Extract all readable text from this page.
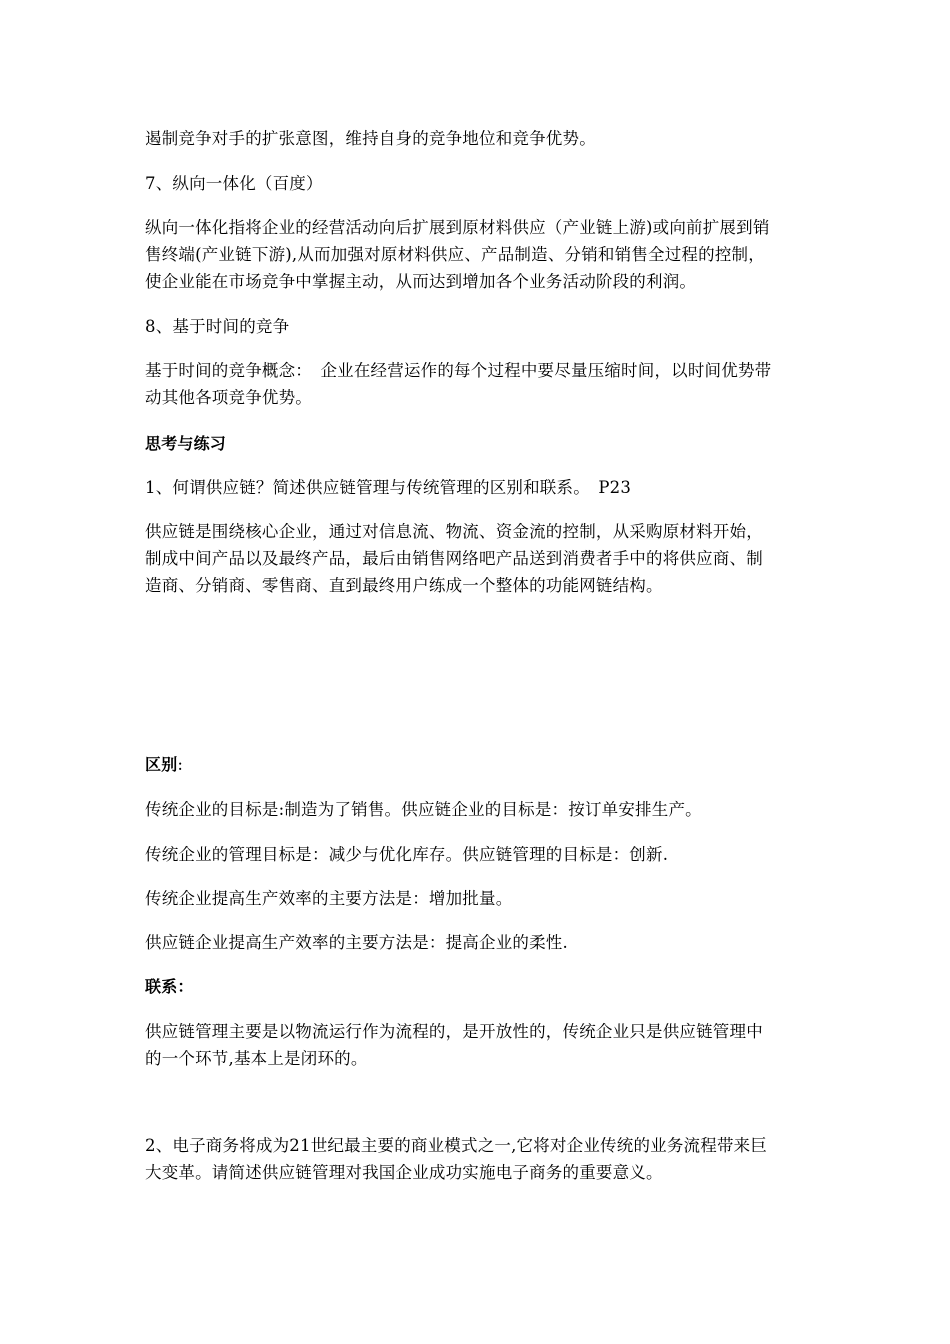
遏制竞争对手的扩张意图，维持自身的竞争地位和竞争优势。

7、纵向一体化（百度）

纵向一体化指将企业的经营活动向后扩展到原材料供应（产业链上游)或向前扩展到销
售终端(产业链下游),从而加强对原材料供应、产品制造、分销和销售全过程的控制，
使企业能在市场竞争中掌握主动，从而达到增加各个业务活动阶段的利润。

8、基于时间的竞争

基于时间的竞争概念：　企业在经营运作的每个过程中要尽量压缩时间，以时间优势带
动其他各项竞争优势。

思考与练习

1、何谓供应链？简述供应链管理与传统管理的区别和联系。　P23

供应链是围绕核心企业，通过对信息流、物流、资金流的控制，从采购原材料开始，
制成中间产品以及最终产品，最后由销售网络吧产品送到消费者手中的将供应商、制
造商、分销商、零售商、直到最终用户练成一个整体的功能网链结构。

区别:

传统企业的目标是:制造为了销售。供应链企业的目标是：按订单安排生产。

传统企业的管理目标是：减少与优化库存。供应链管理的目标是：创新.

传统企业提高生产效率的主要方法是：增加批量。

供应链企业提高生产效率的主要方法是：提高企业的柔性.

联系：

供应链管理主要是以物流运行作为流程的，是开放性的，传统企业只是供应链管理中
的一个环节,基本上是闭环的。

2、电子商务将成为21世纪最主要的商业模式之一,它将对企业传统的业务流程带来巨
大变革。请简述供应链管理对我国企业成功实施电子商务的重要意义。
